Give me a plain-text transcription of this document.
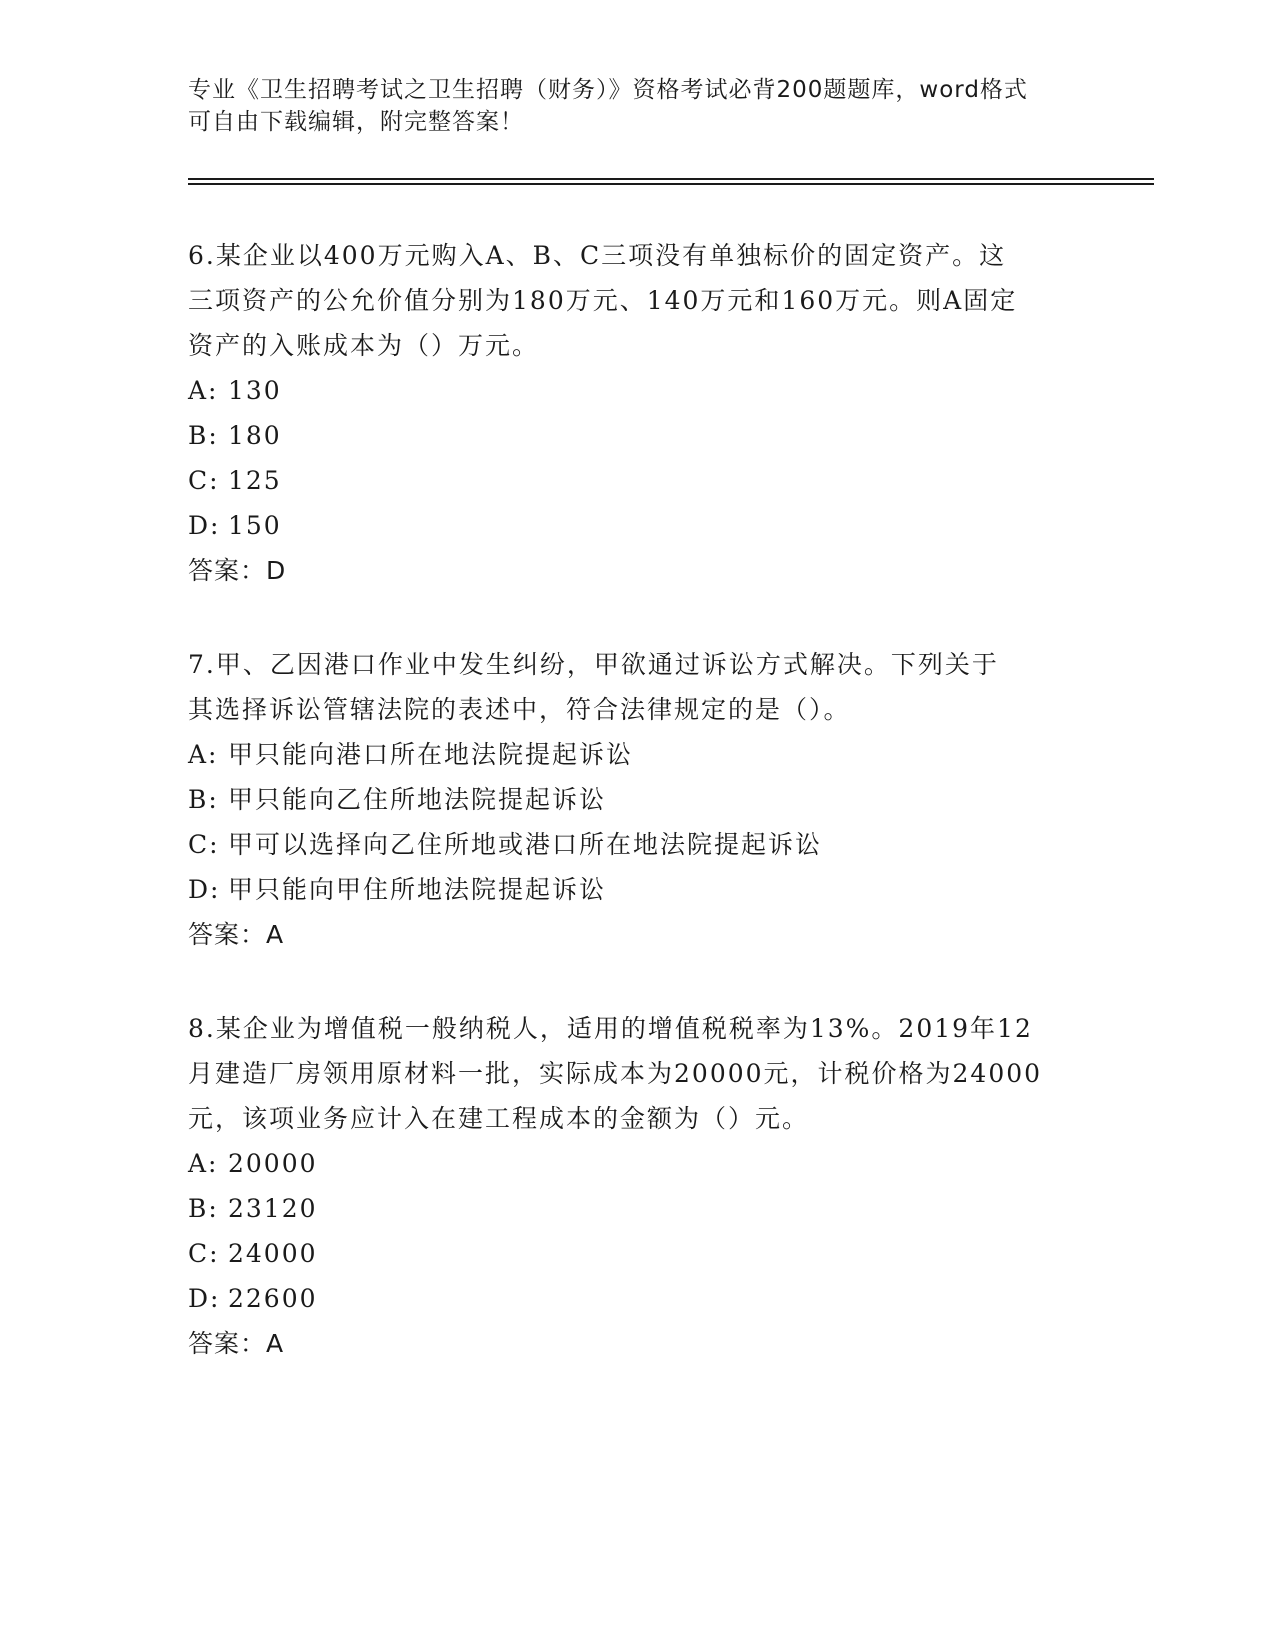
专业《卫生招聘考试之卫生招聘（财务）》资格考试必背200题题库，word格式
可自由下载编辑，附完整答案！
6.某企业以400万元购入A、B、C三项没有单独标价的固定资产。这
三项资产的公允价值分别为180万元、140万元和160万元。则A固定
资产的入账成本为（）万元。
A: 130
B: 180
C: 125
D: 150
答案：D
7.甲、乙因港口作业中发生纠纷，甲欲通过诉讼方式解决。下列关于
其选择诉讼管辖法院的表述中，符合法律规定的是（）。
A: 甲只能向港口所在地法院提起诉讼
B: 甲只能向乙住所地法院提起诉讼
C: 甲可以选择向乙住所地或港口所在地法院提起诉讼
D: 甲只能向甲住所地法院提起诉讼
答案：A
8.某企业为增值税一般纳税人，适用的增值税税率为13%。2019年12
月建造厂房领用原材料一批，实际成本为20000元，计税价格为24000
元，该项业务应计入在建工程成本的金额为（）元。
A: 20000
B: 23120
C: 24000
D: 22600
答案：A
